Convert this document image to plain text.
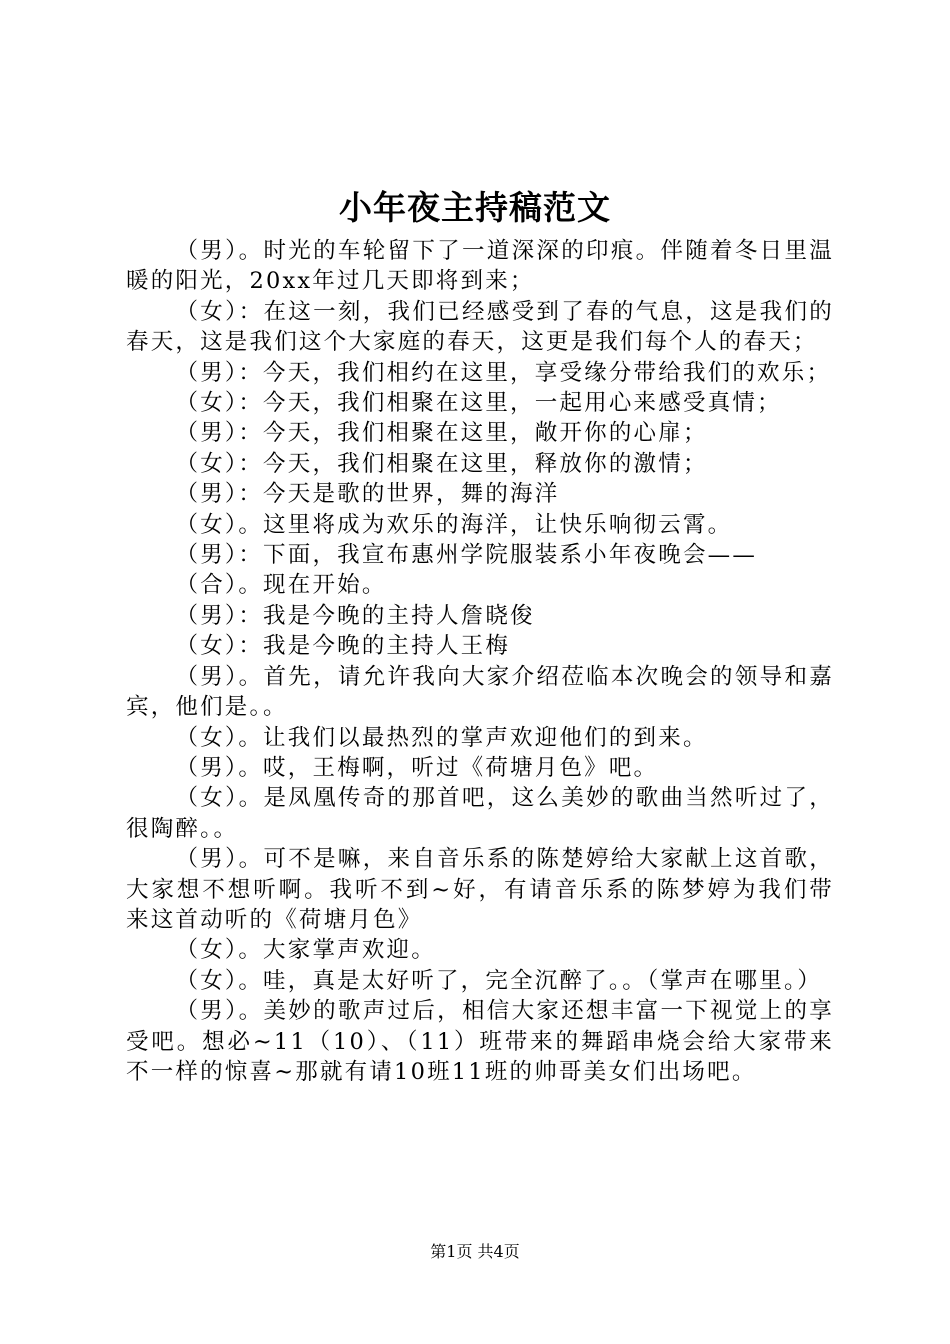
小年夜主持稿范文

（男）。时光的车轮留下了一道深深的印痕。伴随着冬日里温暖的阳光，20xx年过几天即将到来；

（女）：在这一刻，我们已经感受到了春的气息，这是我们的春天，这是我们这个大家庭的春天，这更是我们每个人的春天；

（男）：今天，我们相约在这里，享受缘分带给我们的欢乐；

（女）：今天，我们相聚在这里，一起用心来感受真情；

（男）：今天，我们相聚在这里，敞开你的心扉；

（女）：今天，我们相聚在这里，释放你的激情；

（男）：今天是歌的世界，舞的海洋

（女）。这里将成为欢乐的海洋，让快乐响彻云霄。

（男）：下面，我宣布惠州学院服装系小年夜晚会——

（合）。现在开始。

（男）：我是今晚的主持人詹晓俊

（女）：我是今晚的主持人王梅

（男）。首先，请允许我向大家介绍莅临本次晚会的领导和嘉宾，他们是。。

（女）。让我们以最热烈的掌声欢迎他们的到来。

（男）。哎，王梅啊，听过《荷塘月色》吧。

（女）。是凤凰传奇的那首吧，这么美妙的歌曲当然听过了，很陶醉。。

（男）。可不是嘛，来自音乐系的陈楚婷给大家献上这首歌，大家想不想听啊。我听不到~好，有请音乐系的陈梦婷为我们带来这首动听的《荷塘月色》

（女）。大家掌声欢迎。

（女）。哇，真是太好听了，完全沉醉了。。（掌声在哪里。）

（男）。美妙的歌声过后，相信大家还想丰富一下视觉上的享受吧。想必~11（10）、（11）班带来的舞蹈串烧会给大家带来不一样的惊喜~那就有请10班11班的帅哥美女们出场吧。

第1页 共4页
